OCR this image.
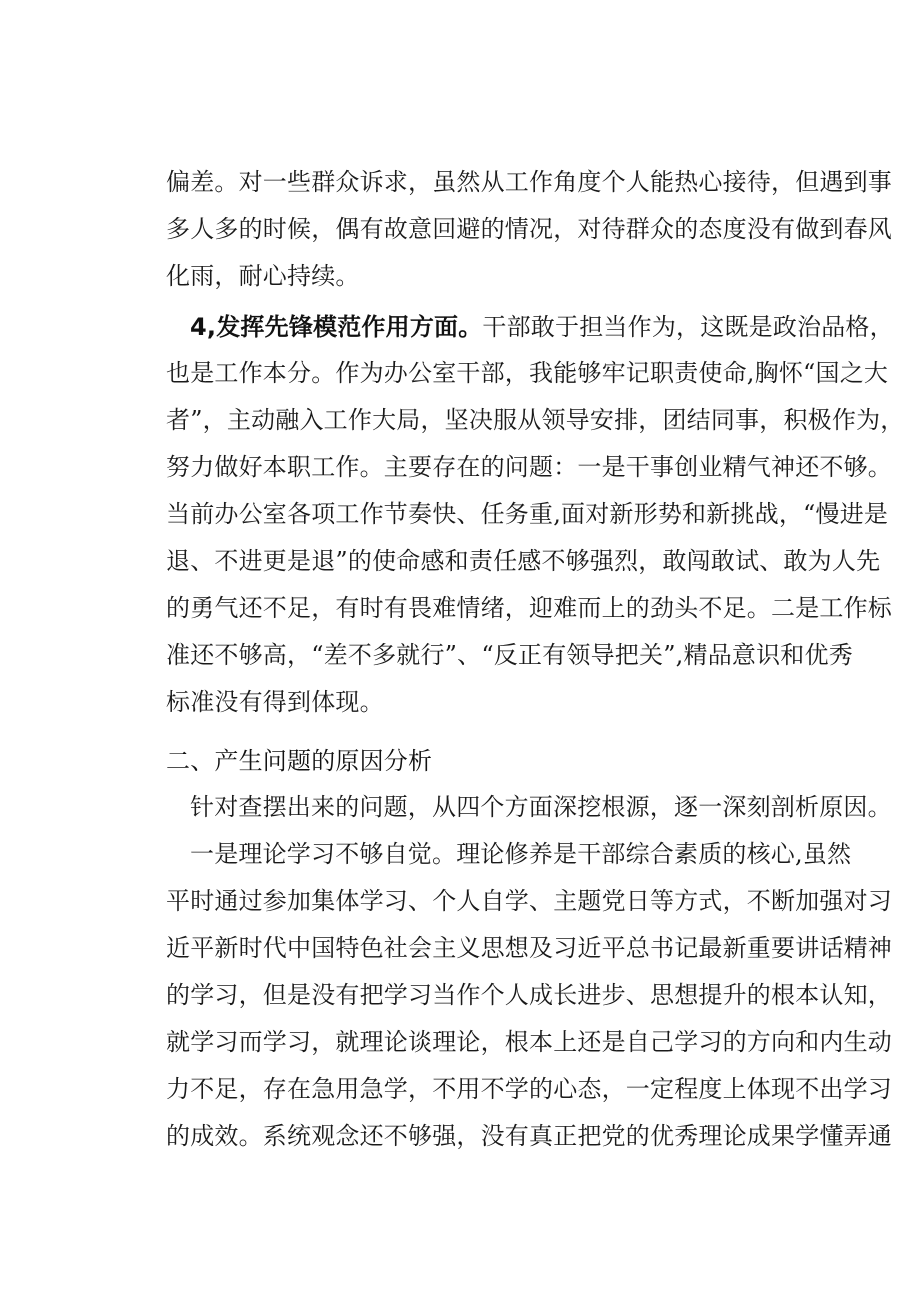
偏差。对一些群众诉求，虽然从工作角度个人能热心接待，但遇到事
多人多的时候，偶有故意回避的情况，对待群众的态度没有做到春风
化雨，耐心持续。
4,发挥先锋模范作用方面。干部敢于担当作为，这既是政治品格，
也是工作本分。作为办公室干部，我能够牢记职责使命,胸怀“国之大
者”，主动融入工作大局，坚决服从领导安排，团结同事，积极作为，
努力做好本职工作。主要存在的问题：一是干事创业精气神还不够。
当前办公室各项工作节奏快、任务重,面对新形势和新挑战，“慢进是
退、不进更是退”的使命感和责任感不够强烈，敢闯敢试、敢为人先
的勇气还不足，有时有畏难情绪，迎难而上的劲头不足。二是工作标
准还不够高，“差不多就行”、“反正有领导把关”,精品意识和优秀
标准没有得到体现。
二、产生问题的原因分析
针对查摆出来的问题，从四个方面深挖根源，逐一深刻剖析原因。
一是理论学习不够自觉。理论修养是干部综合素质的核心,虽然
平时通过参加集体学习、个人自学、主题党日等方式，不断加强对习
近平新时代中国特色社会主义思想及习近平总书记最新重要讲话精神
的学习，但是没有把学习当作个人成长进步、思想提升的根本认知，
就学习而学习，就理论谈理论，根本上还是自己学习的方向和内生动
力不足，存在急用急学，不用不学的心态，一定程度上体现不出学习
的成效。系统观念还不够强，没有真正把党的优秀理论成果学懂弄通
